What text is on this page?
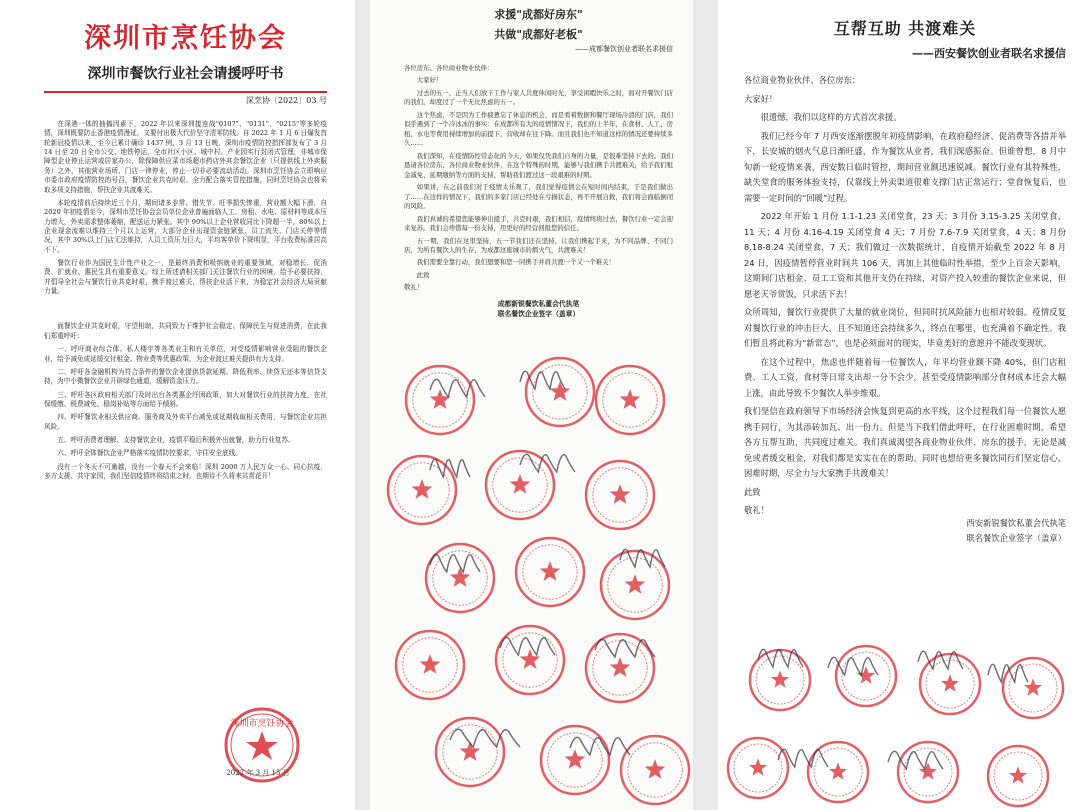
深圳市烹饪协会
深圳市餐饮行业社会请援呼吁书
深烹协〔2022〕03 号

在深港一体的抽搐因素下，2022 年以来深圳接连战"0107"、"0131"、"0215"等多轮疫情，深圳既要防止香港疫情漫延，又要付出极大代价坚守清零防线。自 2022 年 1 月 6 日爆发首轮新冠疫情以来，至今已累计确诊 1437 例，3 月 13 日晚，深圳市疫情防控指挥部发布了 3 月 14 日至 20 日全市公交、地铁停运，全市社区小区、城中村、产业园实行封闭式管理，非城市保障型企业停止运营或居家办公，除保障供应菜市场超市药店外其余餐饮企业（只提供线上外卖服务）之外，其他营业场所、门店一律停业，停止一切非必要流动活动。深圳市烹饪协会立即响应市委市政府疫情防控的号召，餐饮企业共克时艰、全力配合落实管控措施，同时烹饪协会也将采取多项支持措施，帮扶企业共渡难关。

本轮疫情前后持续近三个月，期间诸多非常、错失节、旺季损失惨重，营业额大幅下滑，自 2020 年初疫情至今，深圳市烹饪协会会员单位企业普遍面临人工、房租、水电、原材料等成本压力增大，外卖需求整体萎缩，配送运力紧张。其中 90%以上企业营收同比下降超一半，80%以上企业现金流难以维持三个月以上运营，大部分企业出现资金链紧张、员工流失、门店关停等情况，其中 30%以上门店无法维持，人员工资压力巨大，平均客单价下降明显，平台收费标准居高不下。

餐饮行业作为国民生计性产业之一，是最终消费和吸纳就业的重要领域，对稳增长、促消费、扩就业、惠民生具有重要意义。综上所述请相关部门关注餐饮行业的困境，给予必要扶持，并倡导全社会与餐饮行业共克时艰，携手渡过难关，帮扶企业活下来，为稳定社会经济大局贡献力量。

面餐饮企业共克时艰，守望相助，共同致力于维护社会稳定、保障民生与促进消费，在此我们郑重呼吁：

一、呼吁商业综合体、私人楼宇等各类业主和有关单位，对受疫情影响营业受阻的餐饮企业，给予减免或延缓交付租金、物业费等优惠政策，为企业渡过难关提供有力支持。

二、呼吁各金融机构为符合条件的餐饮企业提供贷款延期、降低利率、续贷无还本等信贷支持，为中小微餐饮企业开辟绿色通道，缓解资金压力。

三、呼吁各区政府相关部门及时出台各类惠企纾困政策，加大对餐饮行业的扶持力度，在社保缓缴、税费减免、稳岗补贴等方面给予倾斜。

四、呼吁餐饮业相关供应商、服务商及外卖平台减免或延期收取相关费用，与餐饮企业共担风险。

五、呼吁消费者理解、支持餐饮企业，疫情平稳后积极外出就餐，助力行业复苏。

六、呼吁全体餐饮企业严格落实疫情防控要求，守住安全底线。

没有一个冬天不可逾越，没有一个春天不会来临！深圳 2000 万人民万众一心、同心抗疫，多方支援、共守家园，我们坚信疫情终将结束之时，也期待不久将来共赏花开！

深圳市烹饪协会
2022 年 3 月 15 日
求援"成都好房东"
共做"成都好老板"
——成都餐饮创业者联名求援信

各位房东、各位商业物业伙伴：

大家好！

过去的五一，正当人们放下工作与家人共度休闲时光，享受闲暇快乐之时，面对开餐饮门店的我们，却度过了一个无比焦虑的五一。

这个焦虑，不是因为工作疲惫忘了休息的机会，而是看着数据和餐厅现场冷清的门店，我们似乎遇到了一个冷冰冰的事实：在成都所有大的疫情情况下，我们的上半年，在食材、人工、房租、水电等费用持续增加的前提下，营收却在往下降。而且我们也不知道这样的情况还要持续多久……

我们深知，在疫情防控常态化的今天，如果仅凭我们自身的力量，是很难坚持下去的。我们恳请各位房东、各位商业物业伙伴，在这个特殊的时期，能够与我们携手共渡难关，给予我们租金减免、延期缴纳等方面的支持，帮助我们渡过这一段艰难的时期。

如果讲，在之前我们对于疫情太乐观了，我们觉得疫情会在短时间内结束，于是我们做出了……在这样的情况下，我们的多家门店已经处在亏损状态，再不开展自救，我们将会面临倒闭的风险。

我们真诚的希望您能够伸出援手，共克时艰，我们相信，疫情终将过去，餐饮行业一定会迎来复苏。我们会珍惜每一份支持，用更好的经营回报您的信任。

五一期，我们在这里坚持，五一节我们还在坚持，让我们携起手来，为不同品牌、不同门店，为所有餐饮人的生存，为成都这座城市的烟火气，共渡难关！

我们需要全靠行动，我们想要和您一同携手并肩共渡一个又一个难关！

此致

敬礼！

成都新锐餐饮私董会代执笔
联名餐饮企业签字（盖章）
互帮互助 共渡难关
——西安餐饮创业者联名求援信

各位商业物业伙伴、各位房东：

大家好！

很遗憾，我们以这样的方式首次求援。

我们已经今年 7 月西安逐渐摆脱年初疫情影响，在政府稳经济、促消费等各措并举下，长安城的烟火气息日渐旺盛，作为餐饮从业者，我们深感振奋。但谁曾想，8 月中旬新一轮疫情来袭，西安数日临时管控，期间营业额迅速锐减。餐饮行业有其特殊性，缺失堂食的服务体验支持，仅靠线上外卖渠道很难支撑门店正常运行；堂食恢复后，也需要一定时间的“回暖”过程。

2022 年开始 1 月份 1.1-1.23 关闭堂食，23 天；3 月份 3.15-3.25 关闭堂食，11 天；4 月份 4.16-4.19 关闭堂食 4 天；7 月份 7.6-7.9 关闭堂食，4 天；8 月份 8.18-8.24 关闭堂食，7 天；我们做过一次数据统计，自疫情开始截至 2022 年 8 月 24 日，因疫情暂停营业时间共 106 天，再加上其他临时性举措，至少上百余天影响，这期间门店租金、员工工资和其他开支仍在持续，对资产投入较重的餐饮企业来说，但愿老天爷赏饭，只求活下去！

众所周知，餐饮行业提供了大量的就业岗位，但同时抗风险能力也相对较弱。疫情反复对餐饮行业的冲击巨大，且不知道还会持续多久，终点在哪里，也充满着不确定性。我们暂且将此称为“新常态”，也是必须面对的现实，毕竟美好的意愿并不能改变现状。

在这个过程中，焦虑也伴随着每一位餐饮人，年平均营业额下降 40%，但门店租费、工人工资、食材等日常支出却一分不会少，甚至受疫情影响部分食材成本还会大幅上涨，由此导致不少餐饮人举步维艰。

我们坚信在政府领导下市场经济会恢复到更高的水平线，这个过程我们每一位餐饮人愿携手同行，为其添砖加瓦、出一份力。但是当下我们借此呼吁，在行业困难时期，希望各方互帮互助，共同度过难关。我们真诚渴望各商业物业伙伴、房东的援手，无论是减免或者缓交租金，对我们都是实实在在的帮助。同时也想给更多餐饮同行们坚定信心，困难时期，尽全力与大家携手共渡难关！

此致

敬礼！

西安新锐餐饮私董会代执笔
联名餐饮企业签字（盖章）
